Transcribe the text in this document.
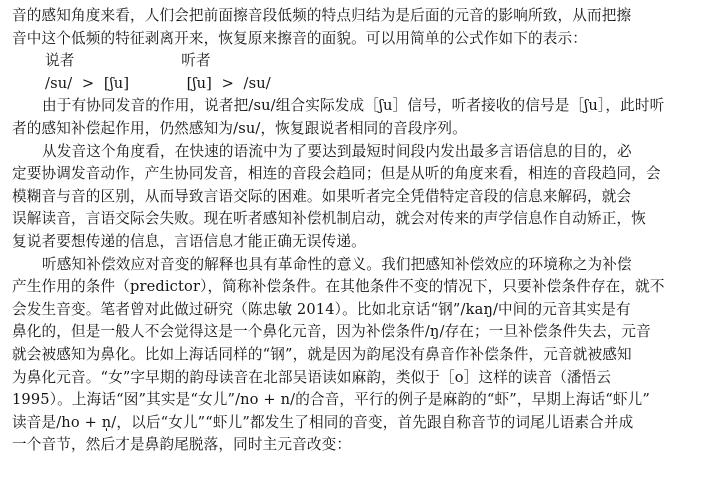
音的感知角度来看，人们会把前面擦音段低频的特点归结为是后面的元音的影响所致，从而把擦
音中这个低频的特征剥离开来，恢复原来擦音的面貌。可以用简单的公式作如下的表示：
说者	听者
/su/  >  [ʃu]            [ʃu]  >  /su/
由于有协同发音的作用，说者把/su/组合实际发成［ʃu］信号，听者接收的信号是［ʃu］，此时听
者的感知补偿起作用，仍然感知为/su/，恢复跟说者相同的音段序列。
从发音这个角度看，在快速的语流中为了要达到最短时间段内发出最多言语信息的目的，必
定要协调发音动作，产生协同发音，相连的音段会趋同；但是从听的角度来看，相连的音段趋同，会
模糊音与音的区别，从而导致言语交际的困难。如果听者完全凭借特定音段的信息来解码，就会
误解读音，言语交际会失败。现在听者感知补偿机制启动，就会对传来的声学信息作自动矫正，恢
复说者要想传递的信息，言语信息才能正确无误传递。
听感知补偿效应对音变的解释也具有革命性的意义。我们把感知补偿效应的环境称之为补偿
产生作用的条件（predictor），简称补偿条件。在其他条件不变的情况下，只要补偿条件存在，就不
会发生音变。笔者曾对此做过研究（陈忠敏 2014）。比如北京话“钢”/kaŋ/中间的元音其实是有
鼻化的，但是一般人不会觉得这是一个鼻化元音，因为补偿条件/ŋ/存在；一旦补偿条件失去，元音
就会被感知为鼻化。比如上海话同样的“钢”，就是因为韵尾没有鼻音作补偿条件，元音就被感知
为鼻化元音。“女”字早期的韵母读音在北部吴语读如麻韵，类似于［o］这样的读音（潘悟云
1995）。上海话“囡”其实是“女儿”/no + n/的合音，平行的例子是麻韵的“虾”，早期上海话“虾儿”
读音是/ho + n̩/，以后“女儿”“虾儿”都发生了相同的音变，首先跟自称音节的词尾儿语素合并成
一个音节，然后才是鼻韵尾脱落，同时主元音改变：
